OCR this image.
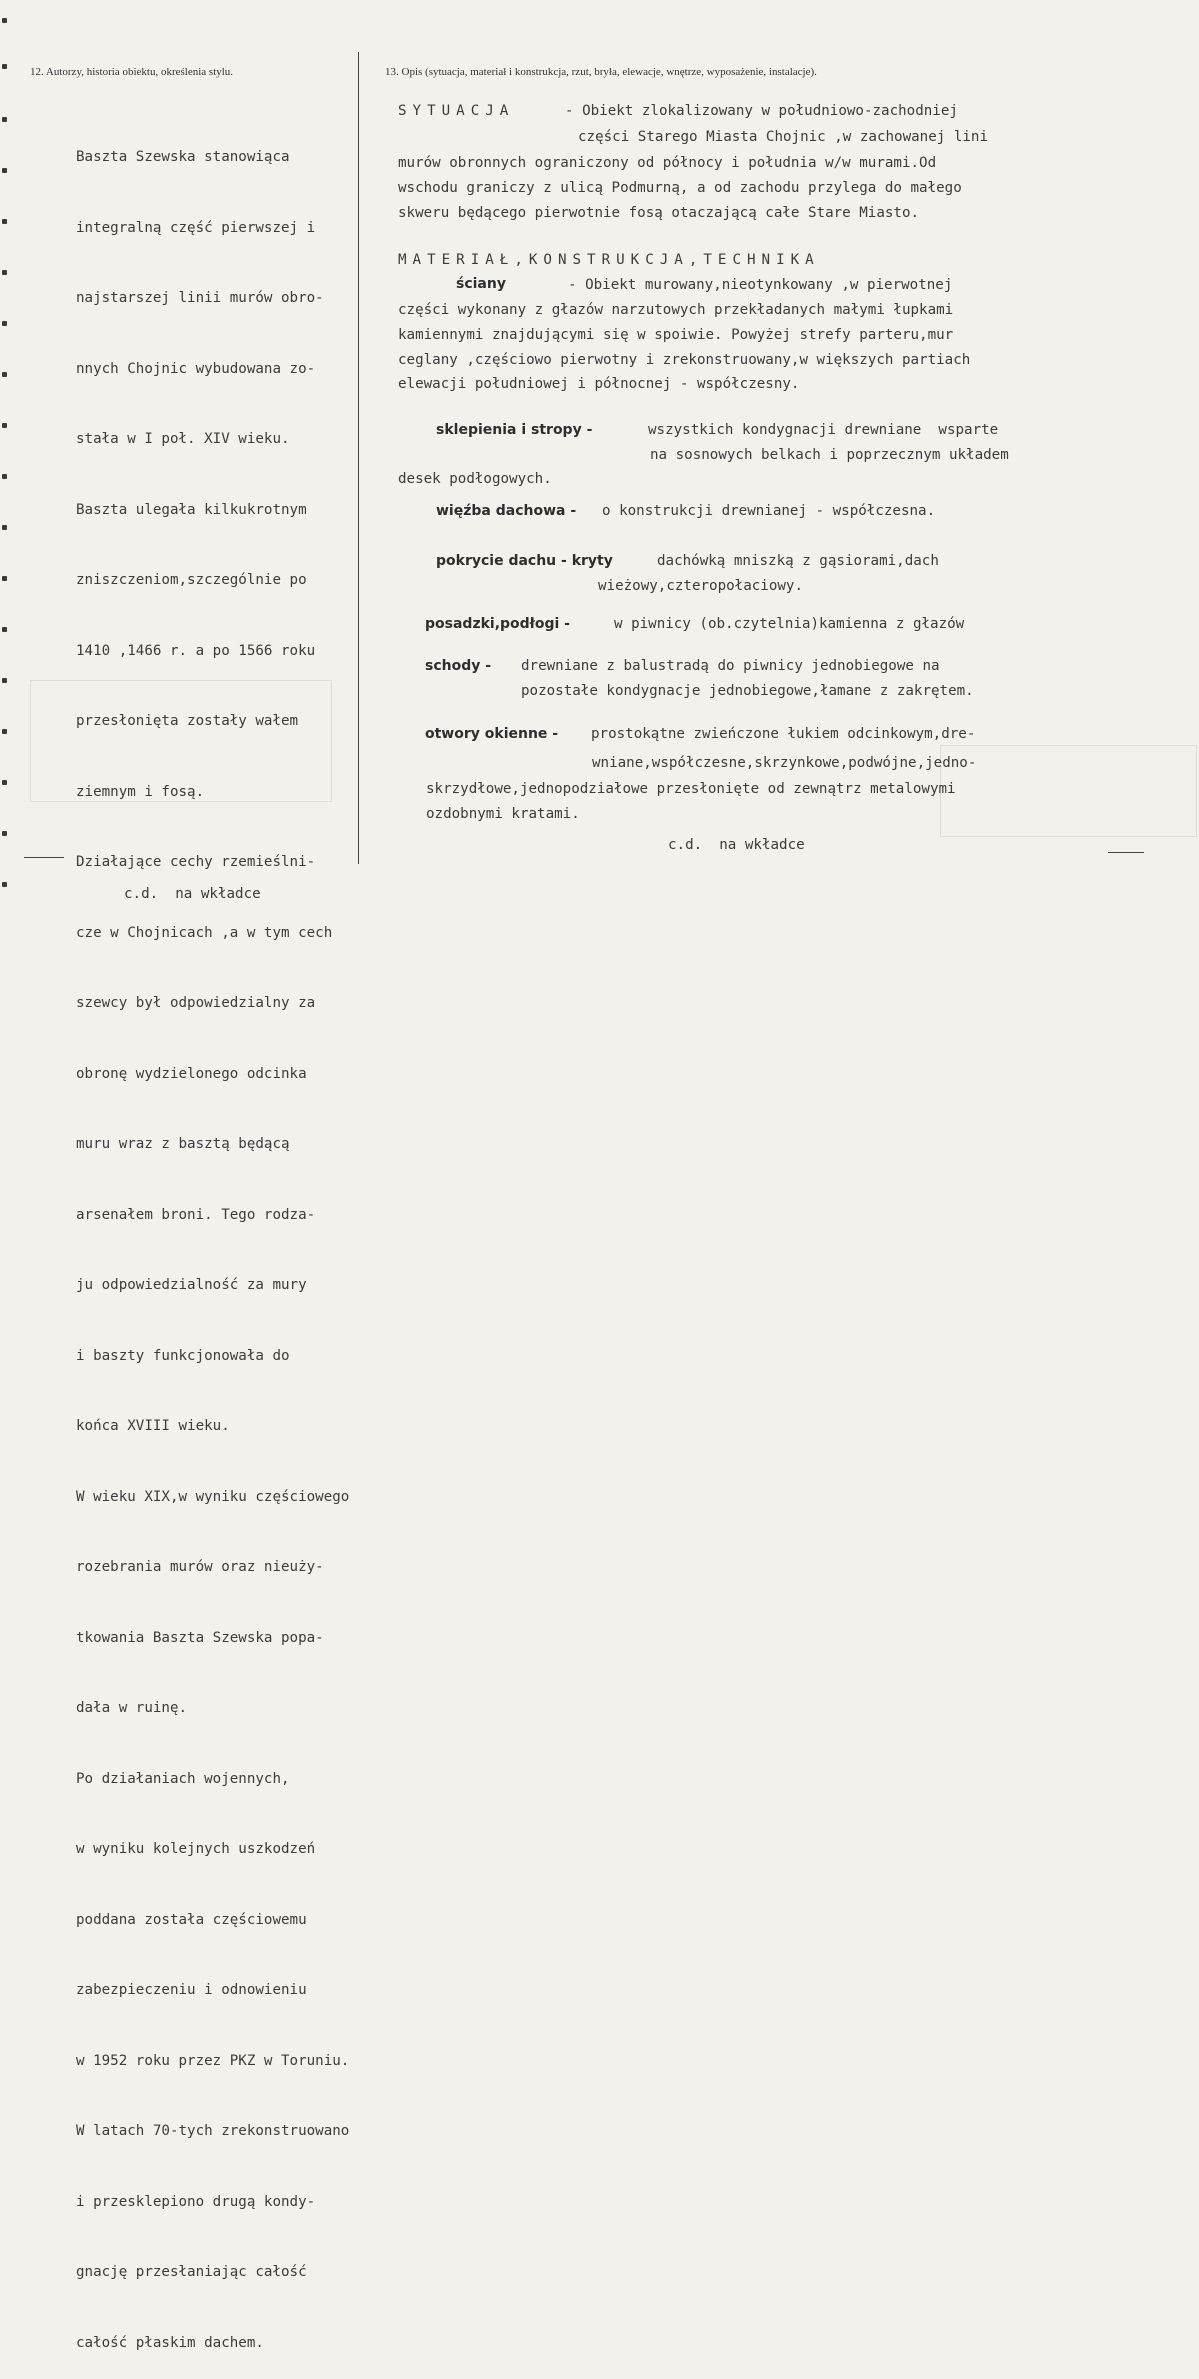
12. Autorzy, historia obiektu, określenia stylu.	13. Opis (sytuacja, materiał i konstrukcja, rzut, bryła, elewacje, wnętrze, wyposażenie, instalacje).

Baszta Szewska stanowiąca

integralną część pierwszej i

najstarszej linii murów obro-

nnych Chojnic wybudowana zo-

stała w I poł. XIV wieku.

Baszta ulegała kilkukrotnym

zniszczeniom,szczególnie po

1410 ,1466 r. a po 1566 roku

przesłonięta zostały wałem

ziemnym i fosą.

Działające cechy rzemieślni-

cze w Chojnicach ,a w tym cech

szewcy był odpowiedzialny za

obronę wydzielonego odcinka

muru wraz z basztą będącą

arsenałem broni. Tego rodza-

ju odpowiedzialność za mury

i baszty funkcjonowała do

końca XVIII wieku.

W wieku XIX,w wyniku częściowego

rozebrania murów oraz nieuży-

tkowania Baszta Szewska popa-

dała w ruinę.

Po działaniach wojennych,

w wyniku kolejnych uszkodzeń

poddana została częściowemu

zabezpieczeniu i odnowieniu

w 1952 roku przez PKZ w Toruniu.

W latach 70-tych zrekonstruowano

i przesklepiono drugą kondy-

gnację przesłaniając całość

całość płaskim dachem.

c.d.  na wkładce
SYTUACJA	- Obiekt zlokalizowany w południowo-zachodniej
części Starego Miasta Chojnic ,w zachowanej lini
murów obronnych ograniczony od północy i południa w/w murami.Od
wschodu graniczy z ulicą Podmurną, a od zachodu przylega do małego
skweru będącego pierwotnie fosą otaczającą całe Stare Miasto.
MATERIAŁ,KONSTRUKCJA,TECHNIKA
ściany	- Obiekt murowany,nieotynkowany ,w pierwotnej
części wykonany z głazów narzutowych przekładanych małymi łupkami
kamiennymi znajdującymi się w spoiwie. Powyżej strefy parteru,mur
ceglany ,częściowo pierwotny i zrekonstruowany,w większych partiach
elewacji południowej i północnej - współczesny.
sklepienia i stropy -	wszystkich kondygnacji drewniane  wsparte
na sosnowych belkach i poprzecznym układem
desek podłogowych.
więźba dachowa - o konstrukcji drewnianej - współczesna.
pokrycie dachu - kryty	dachówką mniszką z gąsiorami,dach
wieżowy,czteropołaciowy.
posadzki,podłogi -	w piwnicy (ob.czytelnia)kamienna z głazów
schody - drewniane z balustradą do piwnicy jednobiegowe na
pozostałe kondygnacje jednobiegowe,łamane z zakrętem.
otwory okienne - prostokątne zwieńczone łukiem odcinkowym,dre-
wniane,współczesne,skrzynkowe,podwójne,jedno-
skrzydłowe,jednopodziałowe przesłonięte od zewnątrz metalowymi
ozdobnymi kratami.
c.d.  na wkładce
